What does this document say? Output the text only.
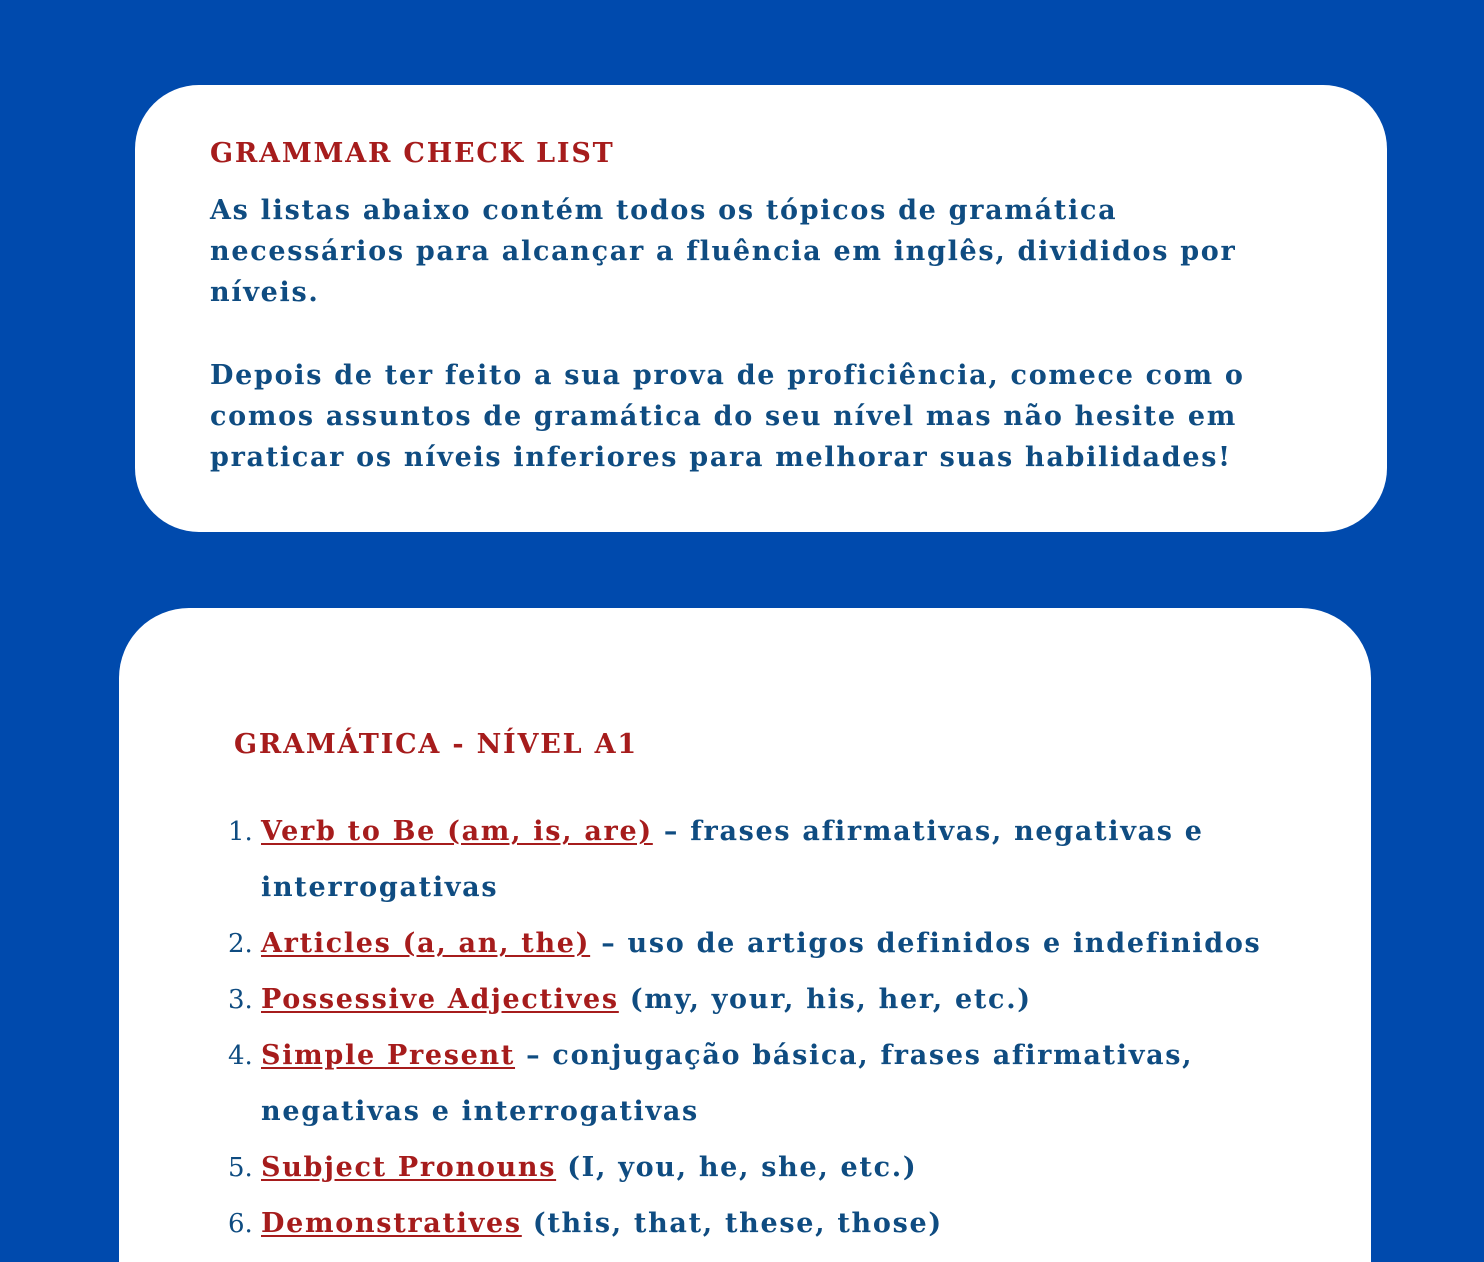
GRAMMAR CHECK LIST

As listas abaixo contém todos os tópicos de gramática
necessários para alcançar a fluência em inglês, divididos por
níveis.

Depois de ter feito a sua prova de proficiência, comece com o
comos assuntos de gramática do seu nível mas não hesite em
praticar os níveis inferiores para melhorar suas habilidades!

GRAMÁTICA - NÍVEL A1
1. Verb to Be (am, is, are) – frases afirmativas, negativas e
interrogativas
2. Articles (a, an, the) – uso de artigos definidos e indefinidos
3. Possessive Adjectives (my, your, his, her, etc.)
4. Simple Present – conjugação básica, frases afirmativas,
negativas e interrogativas
5. Subject Pronouns (I, you, he, she, etc.)
6. Demonstratives (this, that, these, those)
